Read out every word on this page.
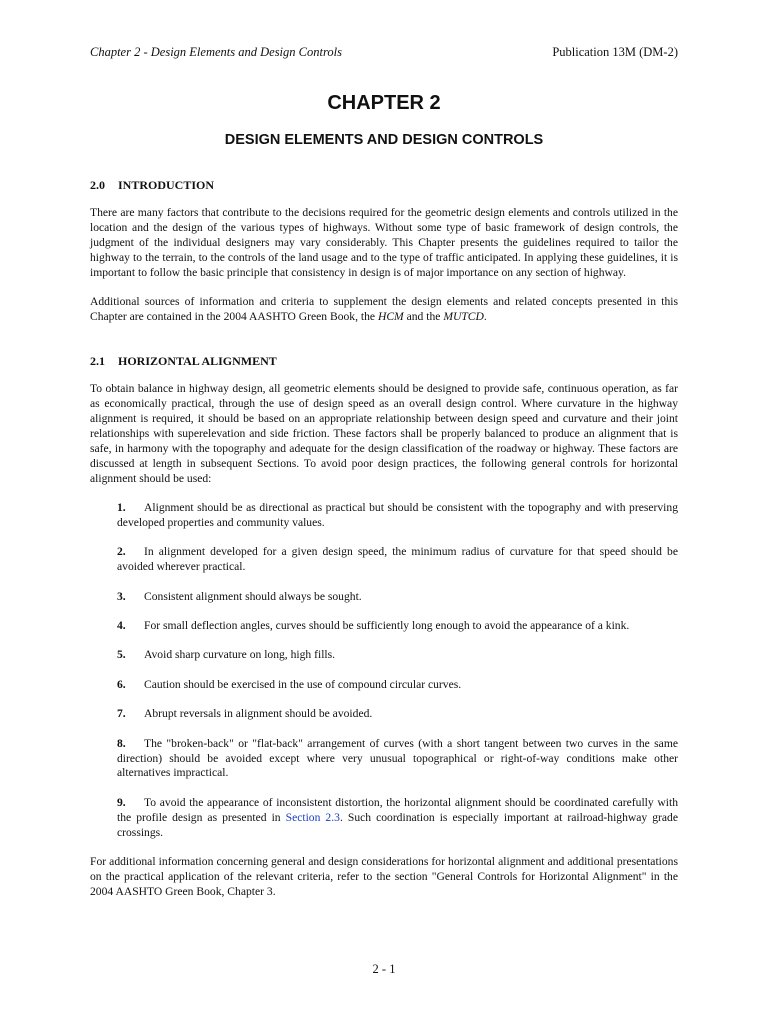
Chapter 2 - Design Elements and Design Controls	Publication 13M (DM-2)
CHAPTER 2
DESIGN ELEMENTS AND DESIGN CONTROLS
2.0 INTRODUCTION

There are many factors that contribute to the decisions required for the geometric design elements and controls utilized in the location and the design of the various types of highways. Without some type of basic framework of design controls, the judgment of the individual designers may vary considerably. This Chapter presents the guidelines required to tailor the highway to the terrain, to the controls of the land usage and to the type of traffic anticipated. In applying these guidelines, it is important to follow the basic principle that consistency in design is of major importance on any section of highway.

Additional sources of information and criteria to supplement the design elements and related concepts presented in this Chapter are contained in the 2004 AASHTO Green Book, the HCM and the MUTCD.

2.1 HORIZONTAL ALIGNMENT

To obtain balance in highway design, all geometric elements should be designed to provide safe, continuous operation, as far as economically practical, through the use of design speed as an overall design control. Where curvature in the highway alignment is required, it should be based on an appropriate relationship between design speed and curvature and their joint relationships with superelevation and side friction. These factors shall be properly balanced to produce an alignment that is safe, in harmony with the topography and adequate for the design classification of the roadway or highway. These factors are discussed at length in subsequent Sections. To avoid poor design practices, the following general controls for horizontal alignment should be used:

1. Alignment should be as directional as practical but should be consistent with the topography and with preserving developed properties and community values.
2. In alignment developed for a given design speed, the minimum radius of curvature for that speed should be avoided wherever practical.
3. Consistent alignment should always be sought.
4. For small deflection angles, curves should be sufficiently long enough to avoid the appearance of a kink.
5. Avoid sharp curvature on long, high fills.
6. Caution should be exercised in the use of compound circular curves.
7. Abrupt reversals in alignment should be avoided.
8. The "broken-back" or "flat-back" arrangement of curves (with a short tangent between two curves in the same direction) should be avoided except where very unusual topographical or right-of-way conditions make other alternatives impractical.
9. To avoid the appearance of inconsistent distortion, the horizontal alignment should be coordinated carefully with the profile design as presented in Section 2.3. Such coordination is especially important at railroad-highway grade crossings.

For additional information concerning general and design considerations for horizontal alignment and additional presentations on the practical application of the relevant criteria, refer to the section "General Controls for Horizontal Alignment" in the 2004 AASHTO Green Book, Chapter 3.

2 - 1
